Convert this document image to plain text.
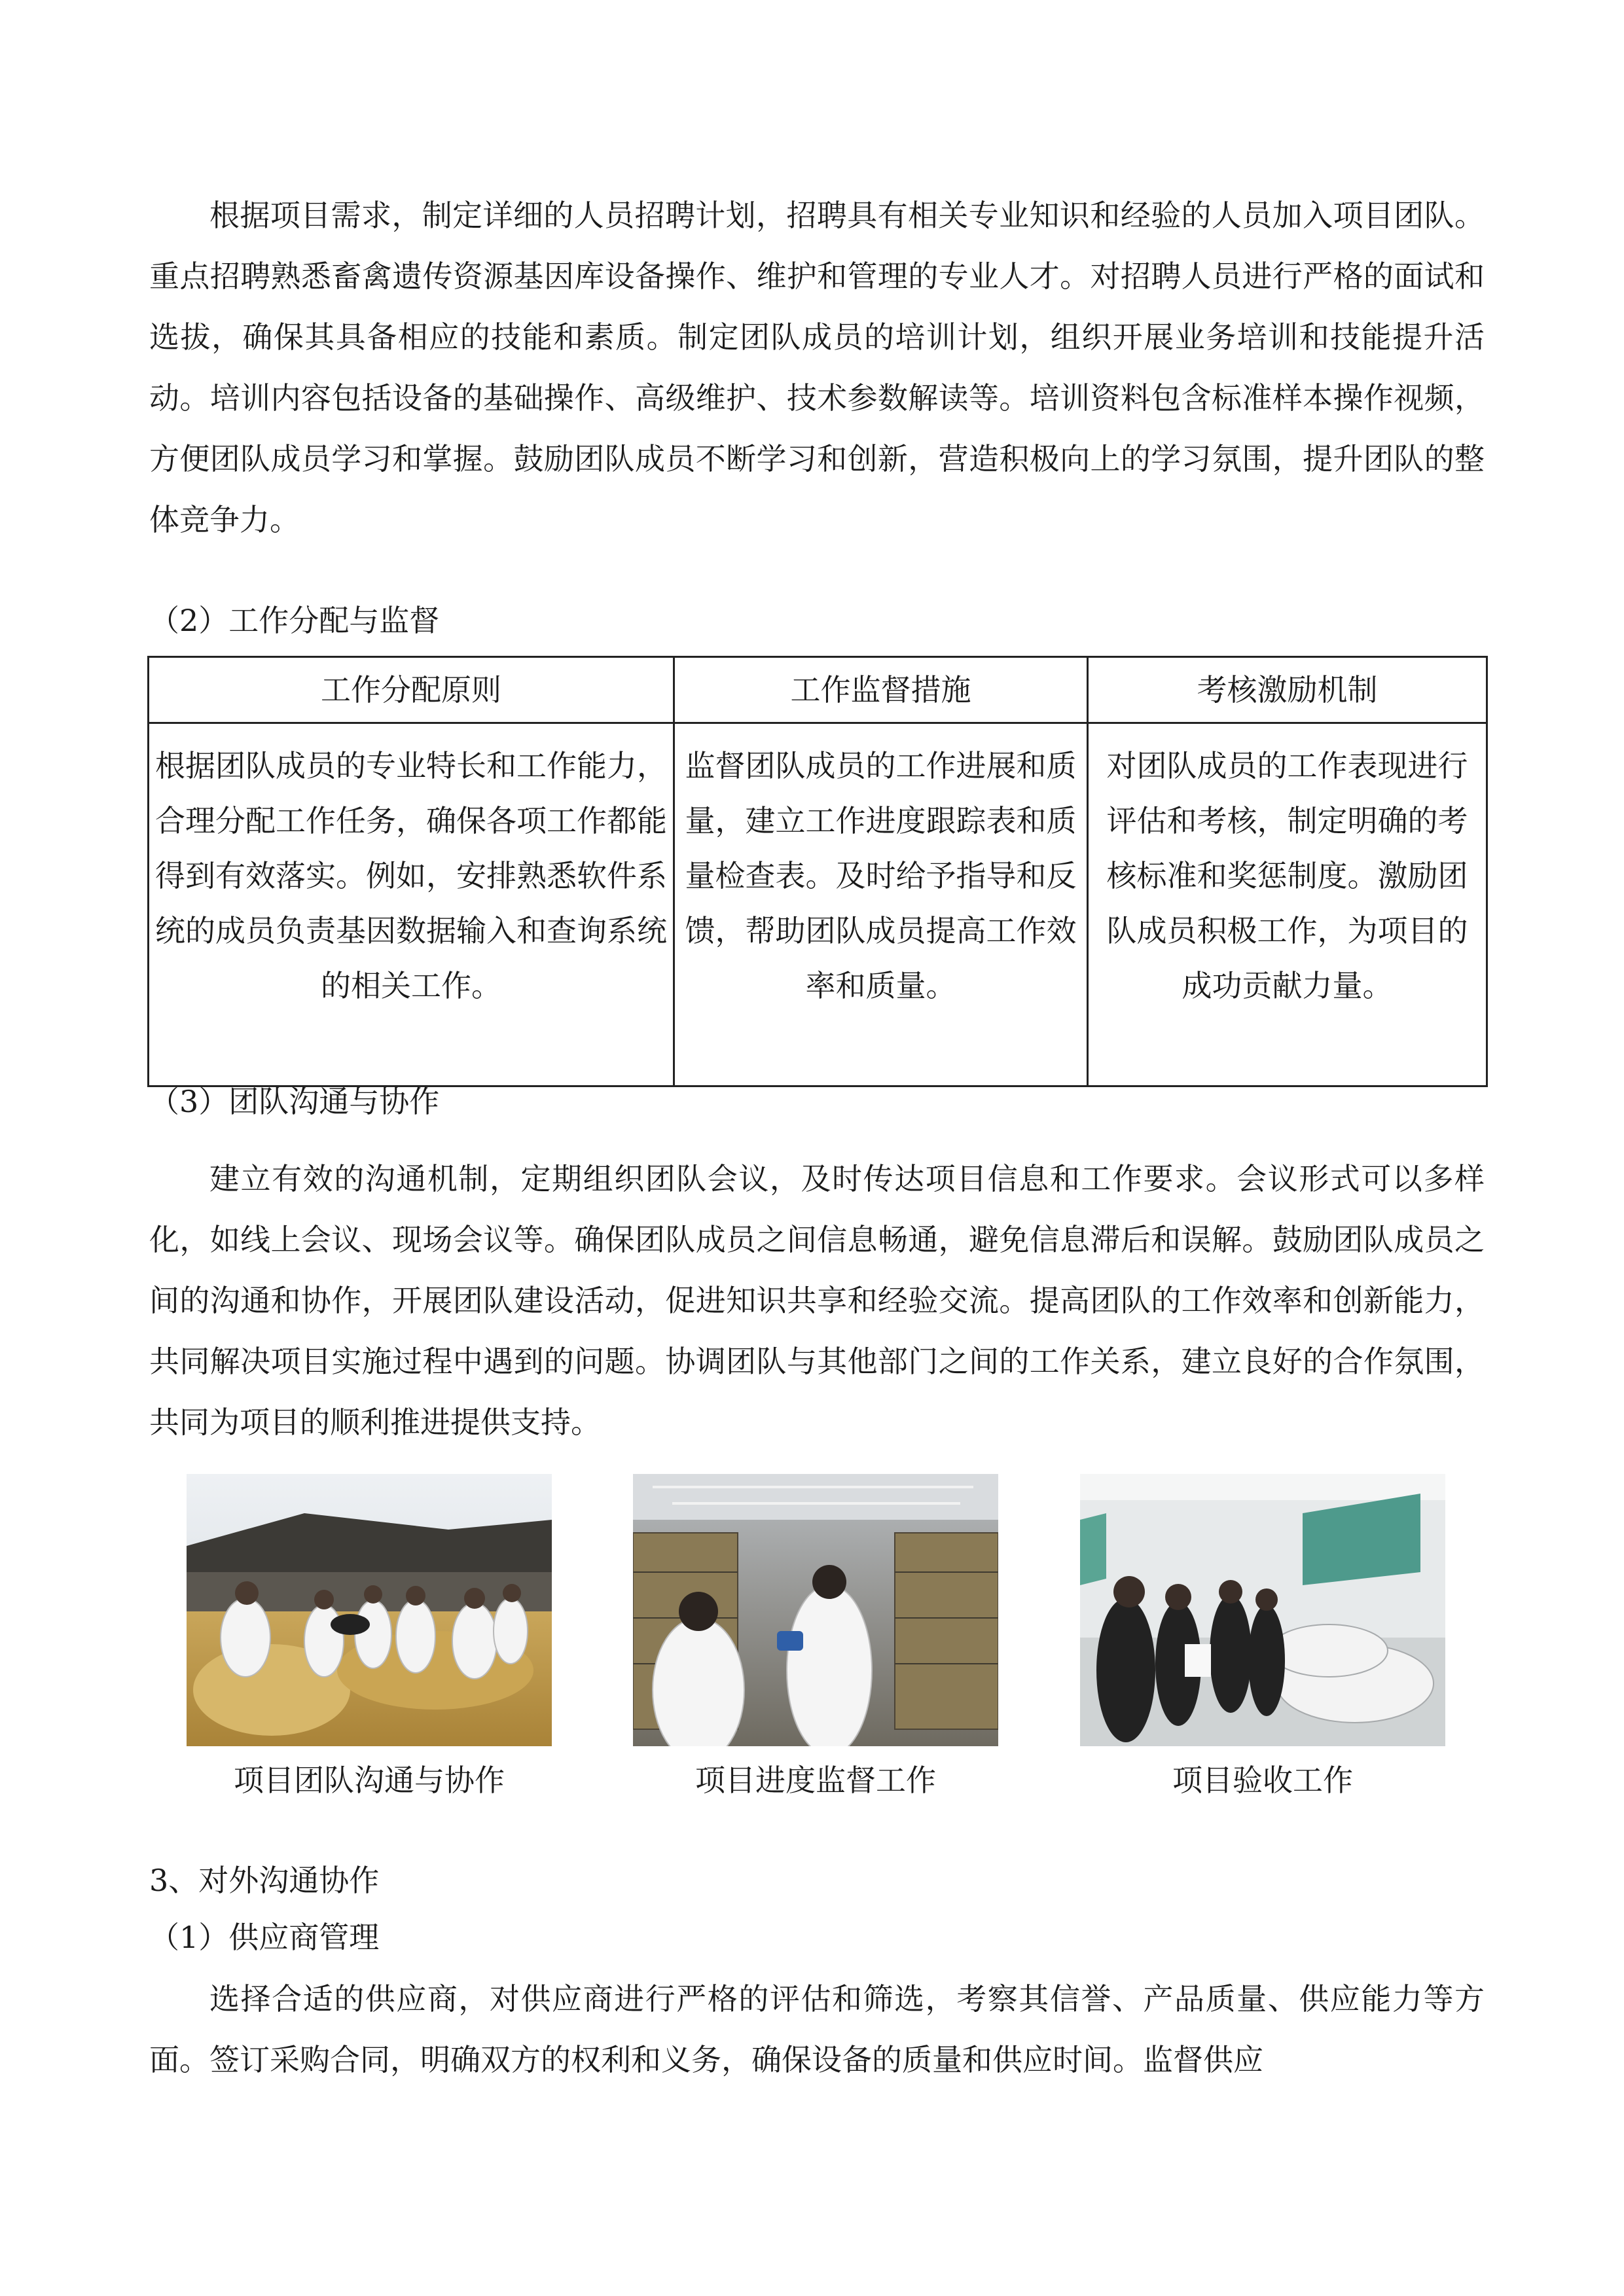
根据项目需求，制定详细的人员招聘计划，招聘具有相关专业知识和经验的人员加入项目团队。重点招聘熟悉畜禽遗传资源基因库设备操作、维护和管理的专业人才。对招聘人员进行严格的面试和选拔，确保其具备相应的技能和素质。制定团队成员的培训计划，组织开展业务培训和技能提升活动。培训内容包括设备的基础操作、高级维护、技术参数解读等。培训资料包含标准样本操作视频，方便团队成员学习和掌握。鼓励团队成员不断学习和创新，营造积极向上的学习氛围，提升团队的整体竞争力。

（2）工作分配与监督

工作分配原则	工作监督措施	考核激励机制
根据团队成员的专业特长和工作能力，合理分配工作任务，确保各项工作都能得到有效落实。例如，安排熟悉软件系统的成员负责基因数据输入和查询系统的相关工作。	监督团队成员的工作进展和质量，建立工作进度跟踪表和质量检查表。及时给予指导和反馈，帮助团队成员提高工作效率和质量。	对团队成员的工作表现进行评估和考核，制定明确的考核标准和奖惩制度。激励团队成员积极工作，为项目的成功贡献力量。

（3）团队沟通与协作

建立有效的沟通机制，定期组织团队会议，及时传达项目信息和工作要求。会议形式可以多样化，如线上会议、现场会议等。确保团队成员之间信息畅通，避免信息滞后和误解。鼓励团队成员之间的沟通和协作，开展团队建设活动，促进知识共享和经验交流。提高团队的工作效率和创新能力，共同解决项目实施过程中遇到的问题。协调团队与其他部门之间的工作关系，建立良好的合作氛围，共同为项目的顺利推进提供支持。

项目团队沟通与协作	项目进度监督工作	项目验收工作

3、对外沟通协作

（1）供应商管理

选择合适的供应商，对供应商进行严格的评估和筛选，考察其信誉、产品质量、供应能力等方面。签订采购合同，明确双方的权利和义务，确保设备的质量和供应时间。监督供应
